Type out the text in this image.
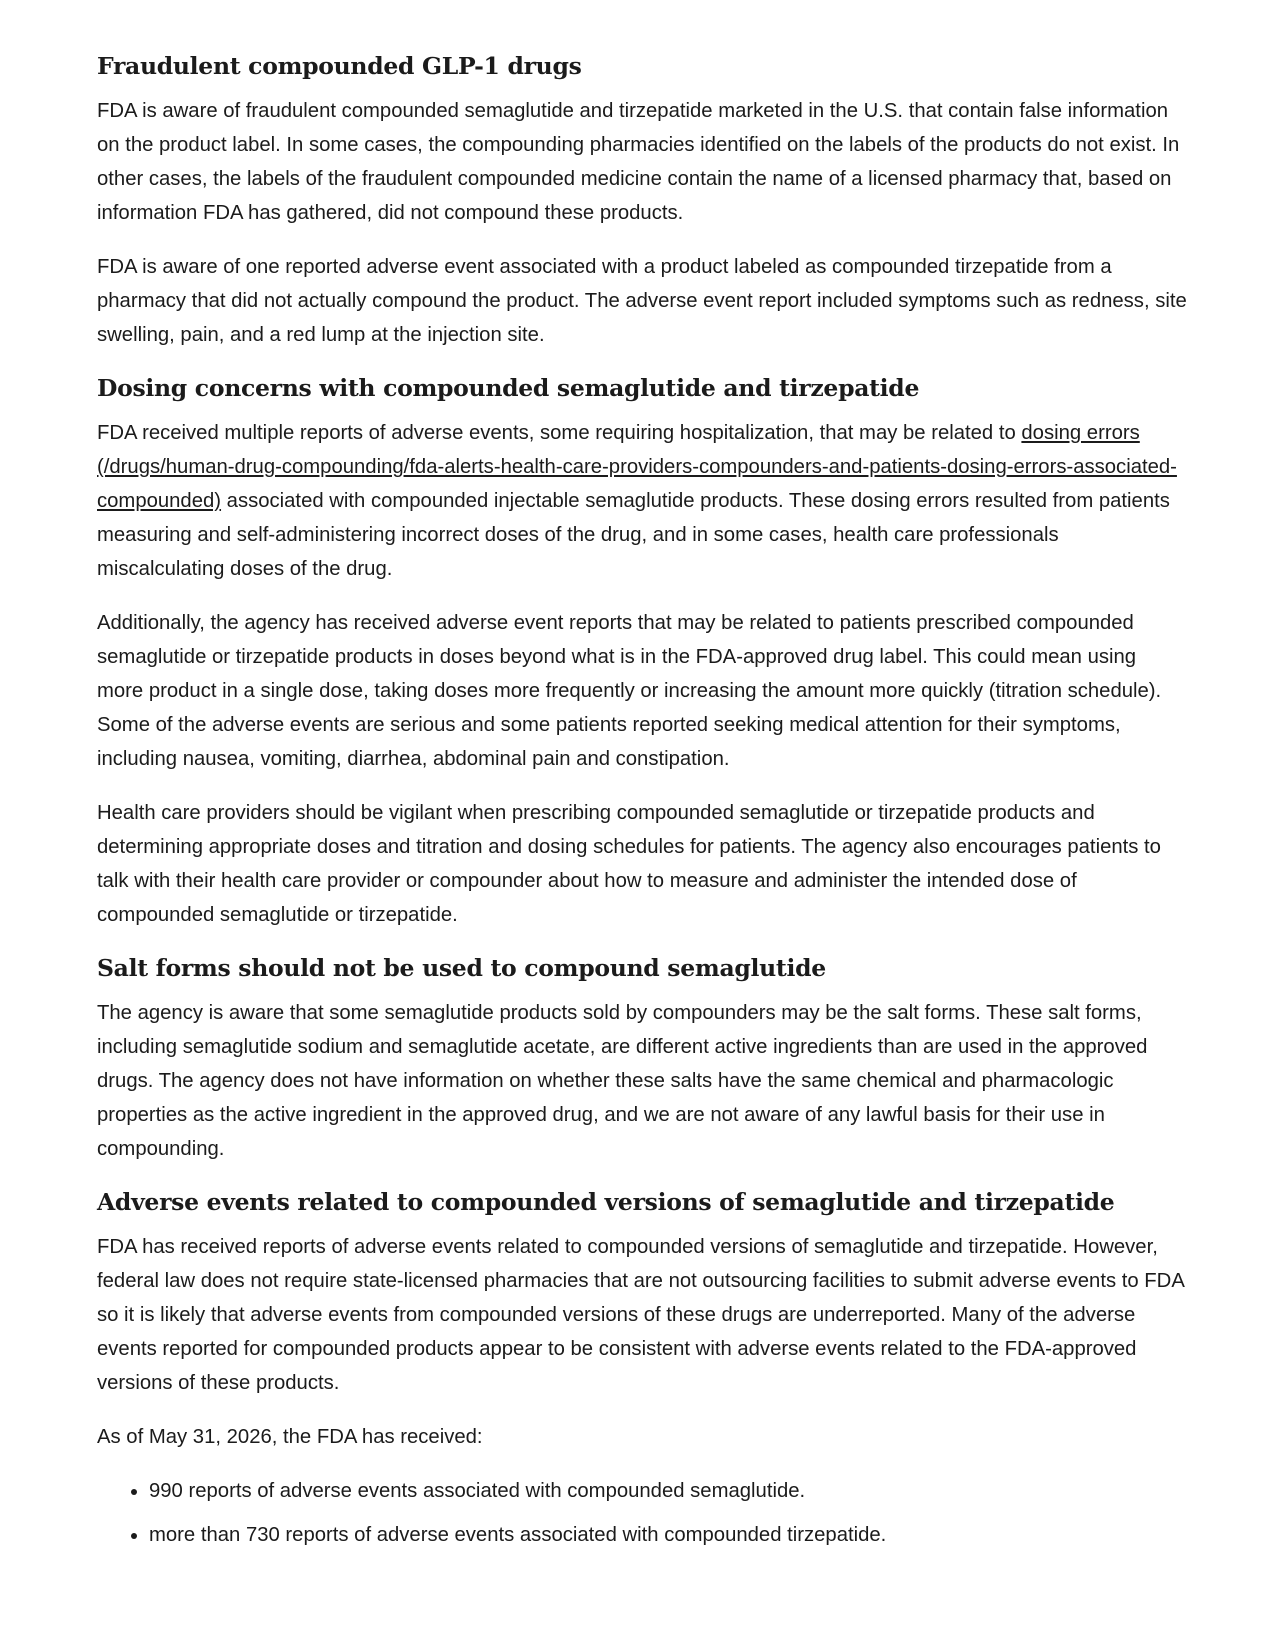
Fraudulent compounded GLP-1 drugs

FDA is aware of fraudulent compounded semaglutide and tirzepatide marketed in the U.S. that contain false information on the product label. In some cases, the compounding pharmacies identified on the labels of the products do not exist. In other cases, the labels of the fraudulent compounded medicine contain the name of a licensed pharmacy that, based on information FDA has gathered, did not compound these products.

FDA is aware of one reported adverse event associated with a product labeled as compounded tirzepatide from a pharmacy that did not actually compound the product. The adverse event report included symptoms such as redness, site swelling, pain, and a red lump at the injection site.

Dosing concerns with compounded semaglutide and tirzepatide

FDA received multiple reports of adverse events, some requiring hospitalization, that may be related to dosing errors (/drugs/human-drug-compounding/fda-alerts-health-care-providers-compounders-and-patients-dosing-errors-associated-compounded) associated with compounded injectable semaglutide products. These dosing errors resulted from patients measuring and self-administering incorrect doses of the drug, and in some cases, health care professionals miscalculating doses of the drug.

Additionally, the agency has received adverse event reports that may be related to patients prescribed compounded semaglutide or tirzepatide products in doses beyond what is in the FDA-approved drug label. This could mean using more product in a single dose, taking doses more frequently or increasing the amount more quickly (titration schedule). Some of the adverse events are serious and some patients reported seeking medical attention for their symptoms, including nausea, vomiting, diarrhea, abdominal pain and constipation.

Health care providers should be vigilant when prescribing compounded semaglutide or tirzepatide products and determining appropriate doses and titration and dosing schedules for patients. The agency also encourages patients to talk with their health care provider or compounder about how to measure and administer the intended dose of compounded semaglutide or tirzepatide.

Salt forms should not be used to compound semaglutide

The agency is aware that some semaglutide products sold by compounders may be the salt forms. These salt forms, including semaglutide sodium and semaglutide acetate, are different active ingredients than are used in the approved drugs. The agency does not have information on whether these salts have the same chemical and pharmacologic properties as the active ingredient in the approved drug, and we are not aware of any lawful basis for their use in compounding.

Adverse events related to compounded versions of semaglutide and tirzepatide

FDA has received reports of adverse events related to compounded versions of semaglutide and tirzepatide. However, federal law does not require state-licensed pharmacies that are not outsourcing facilities to submit adverse events to FDA so it is likely that adverse events from compounded versions of these drugs are underreported. Many of the adverse events reported for compounded products appear to be consistent with adverse events related to the FDA-approved versions of these products.

As of May 31, 2026, the FDA has received:

• 990 reports of adverse events associated with compounded semaglutide.
• more than 730 reports of adverse events associated with compounded tirzepatide.
